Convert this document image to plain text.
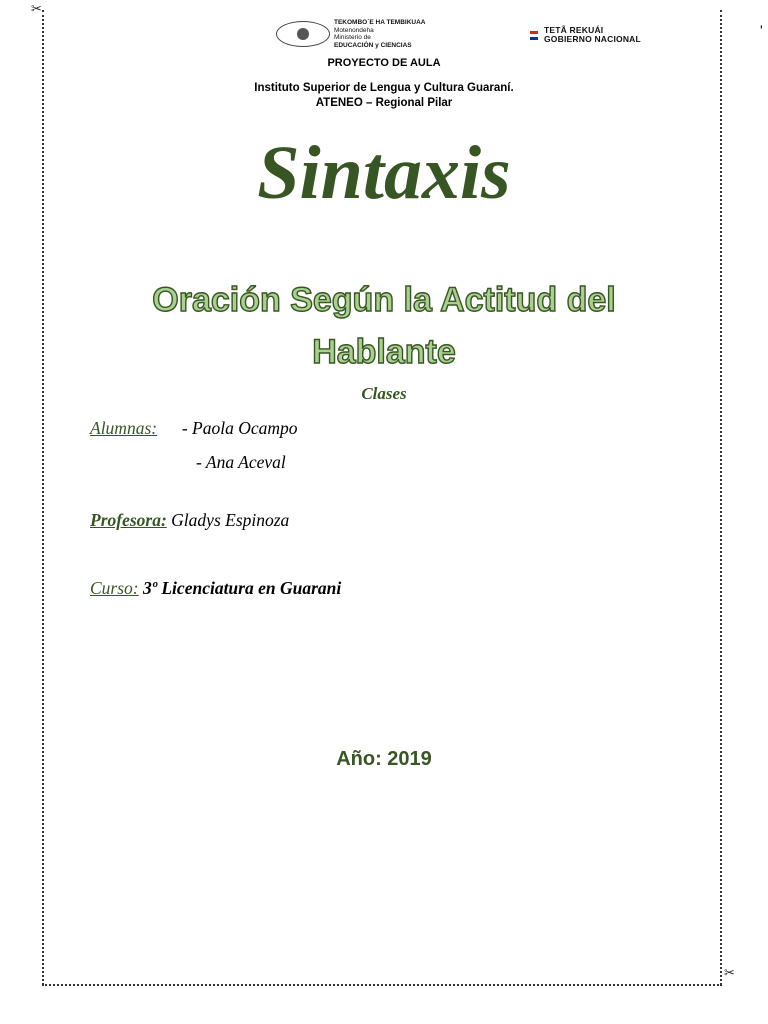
✂
✂
'
TEKOMBO´E HA TEMBIKUAA
Motenondeha
Ministerio de
EDUCACIÓN y CIENCIAS
TETÃ REKUÁI
GOBIERNO NACIONAL
PROYECTO DE AULA
Instituto Superior de Lengua y Cultura Guaraní.
ATENEO – Regional Pilar
Sintaxis
Oración Según la Actitud del Hablante
Clases
Alumnas: - Paola Ocampo
- Ana Aceval
Profesora: Gladys Espinoza
Curso: 3º Licenciatura en Guarani
Año: 2019
